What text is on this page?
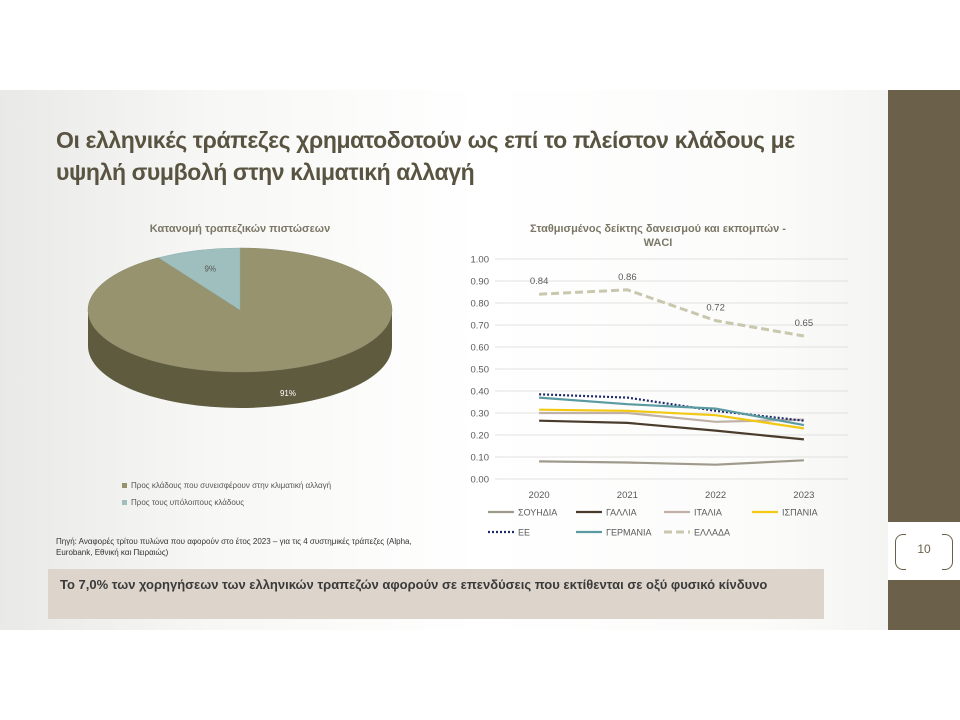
10
Οι ελληνικές τράπεζες χρηματοδοτούν ως επί το πλείστον κλάδους με υψηλή συμβολή στην κλιματική αλλαγή
Κατανομή τραπεζικών πιστώσεων
91%
9%
Προς κλάδους που συνεισφέρουν στην κλιματική αλλαγή
Προς τους υπόλοιπους κλάδους
Σταθμισμένος δείκτης δανεισμού και εκπομπών -
WACI
0.00
0.10
0.20
0.30
0.40
0.50
0.60
0.70
0.80
0.90
1.00
2020	2021	2022	2023
0.84	0.86
0.72
0.65
ΣΟΥΗΔΙΑ	ΓΑΛΛΙΑ	ΙΤΑΛΙΑ	ΙΣΠΑΝΙΑ
ΕΕ	ΓΕΡΜΑΝΙΑ	ΕΛΛΑΔΑ
Πηγή: Αναφορές τρίτου πυλώνα που αφορούν στο έτος 2023 – για τις 4 συστημικές τράπεζες (Alpha, Eurobank, Εθνική και Πειραιώς)
Το 7,0% των χορηγήσεων των ελληνικών τραπεζών αφορούν σε επενδύσεις που εκτίθενται σε οξύ φυσικό κίνδυνο
